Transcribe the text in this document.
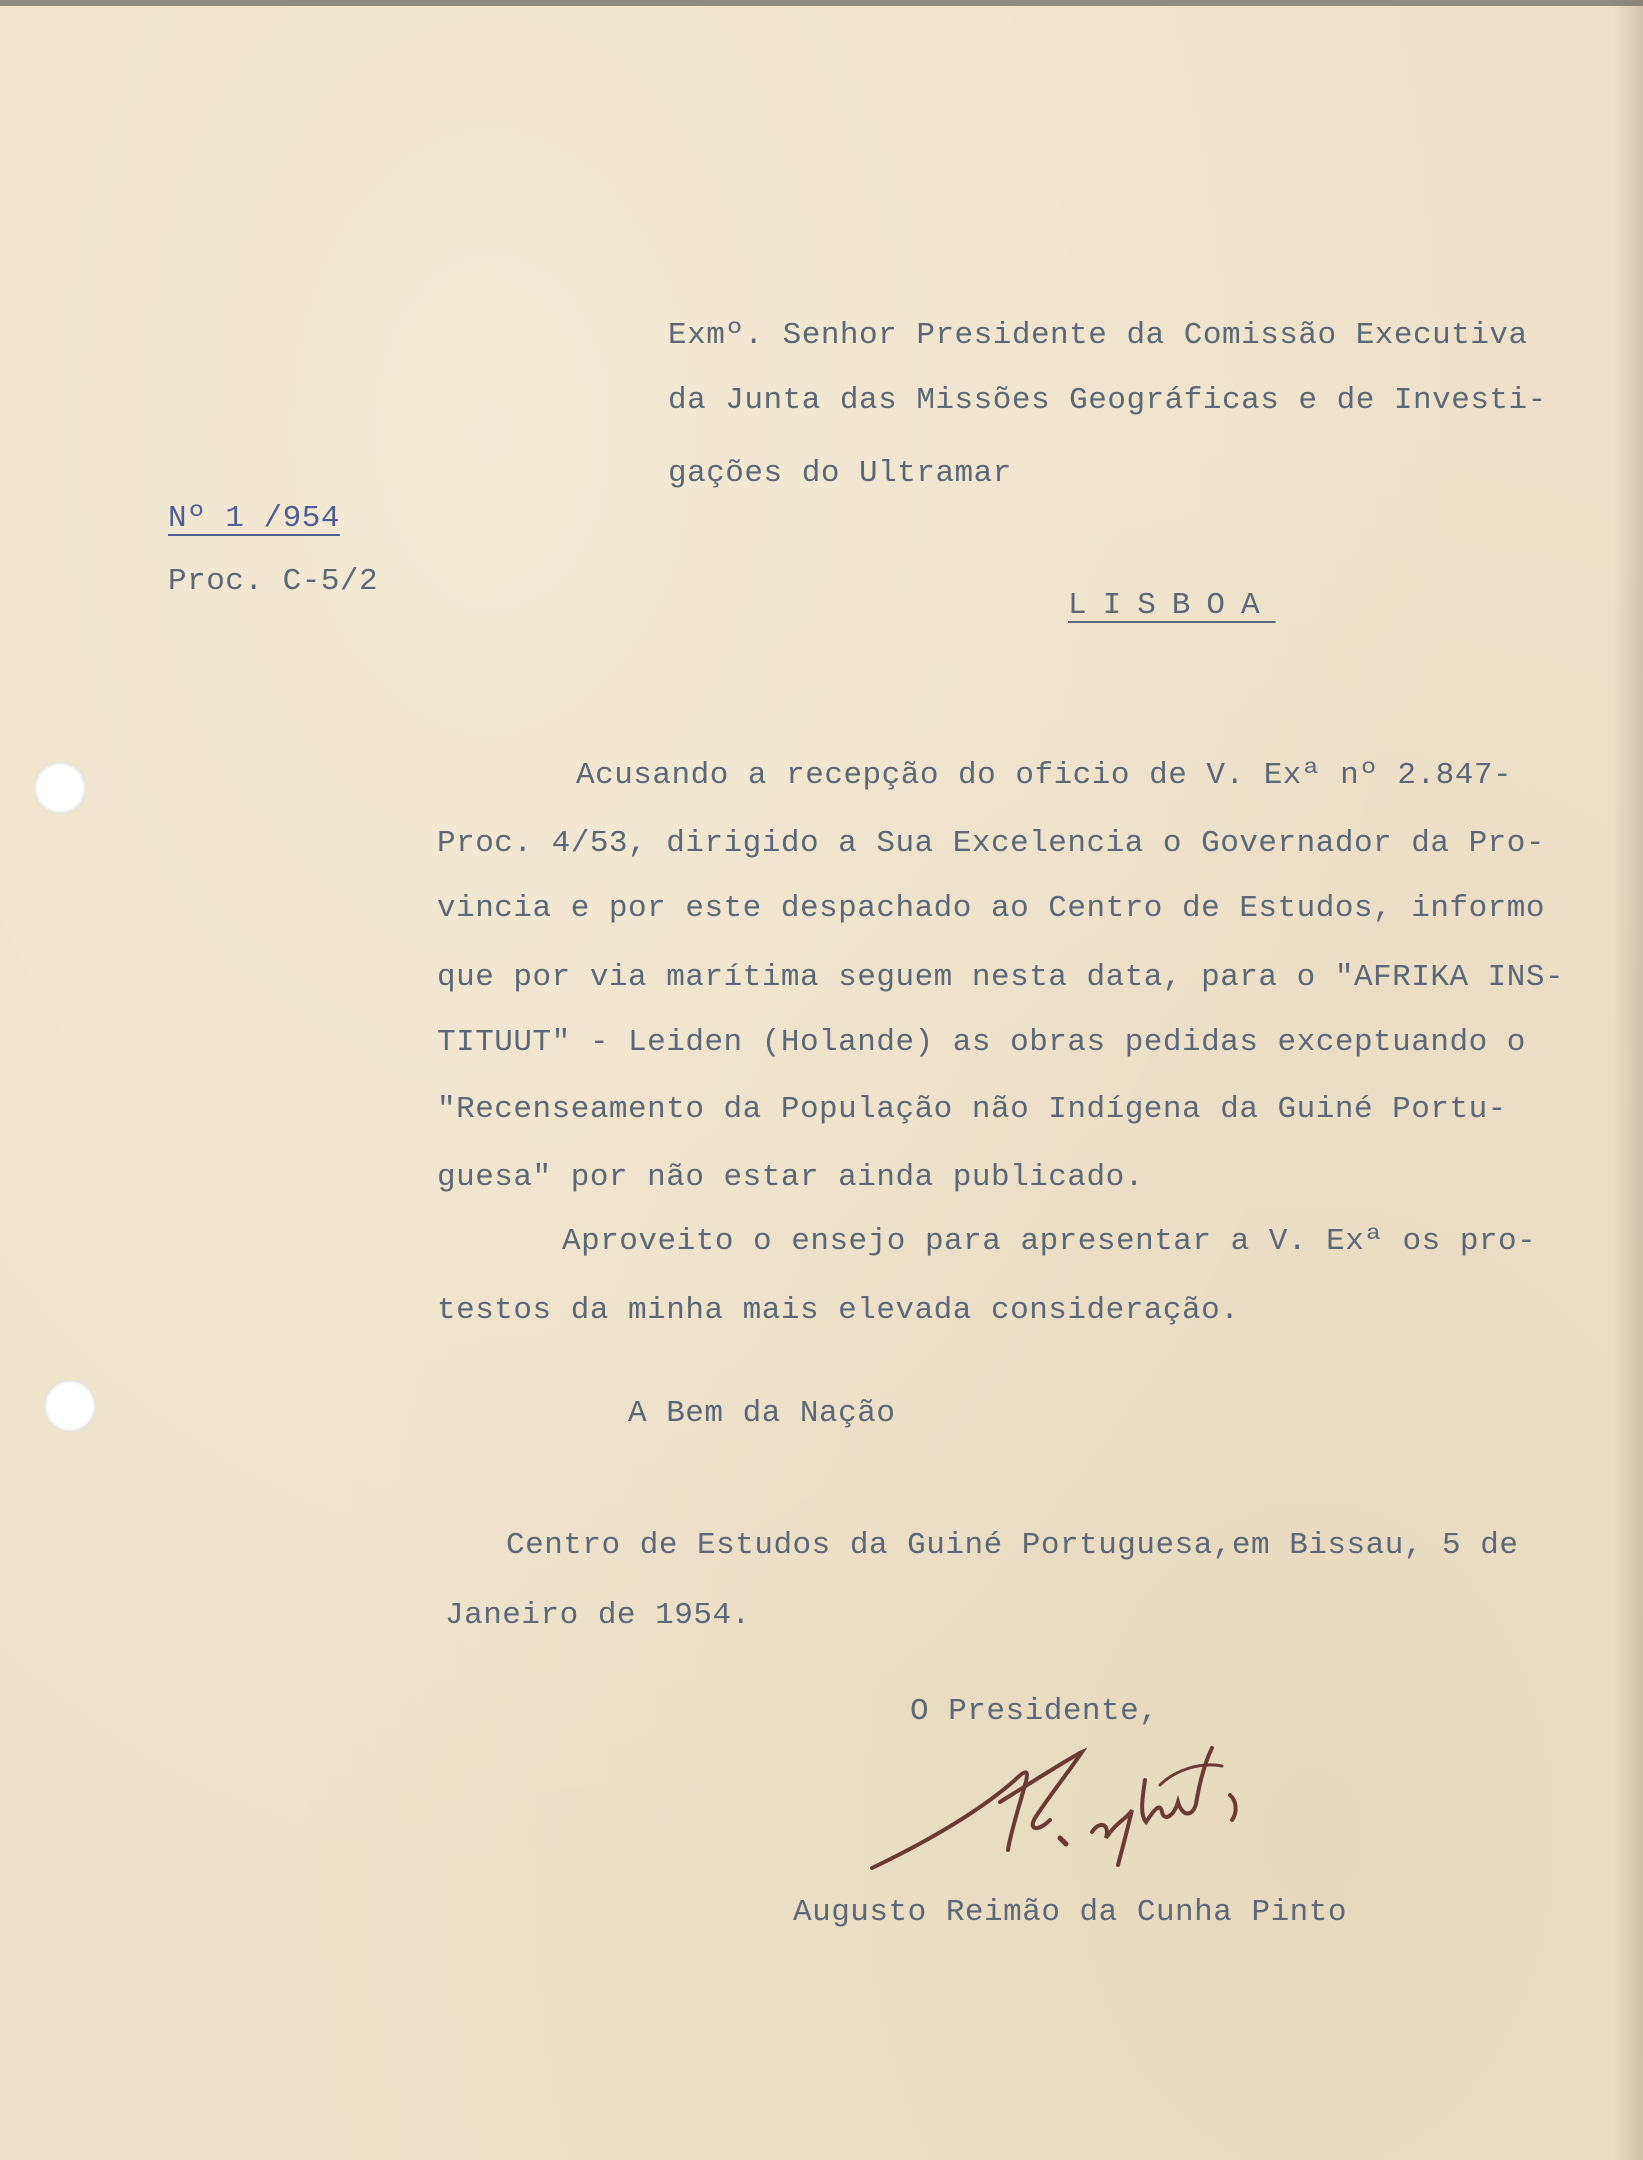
Exmº. Senhor Presidente da Comissão Executiva
da Junta das Missões Geográficas e de Investi-
gações do Ultramar
Nº 1 /954
Proc. C-5/2
LISBOA
Acusando a recepção do oficio de V. Exª nº 2.847-
Proc. 4/53, dirigido a Sua Excelencia o Governador da Pro-
vincia e por este despachado ao Centro de Estudos, informo
que por via marítima seguem nesta data, para o "AFRIKA INS-
TITUUT" - Leiden (Holande) as obras pedidas exceptuando o
"Recenseamento da População não Indígena da Guiné Portu-
guesa" por não estar ainda publicado.
Aproveito o ensejo para apresentar a V. Exª os pro-
testos da minha mais elevada consideração.
A Bem da Nação
Centro de Estudos da Guiné Portuguesa,em Bissau, 5 de
Janeiro de 1954.
O Presidente,
Augusto Reimão da Cunha Pinto
